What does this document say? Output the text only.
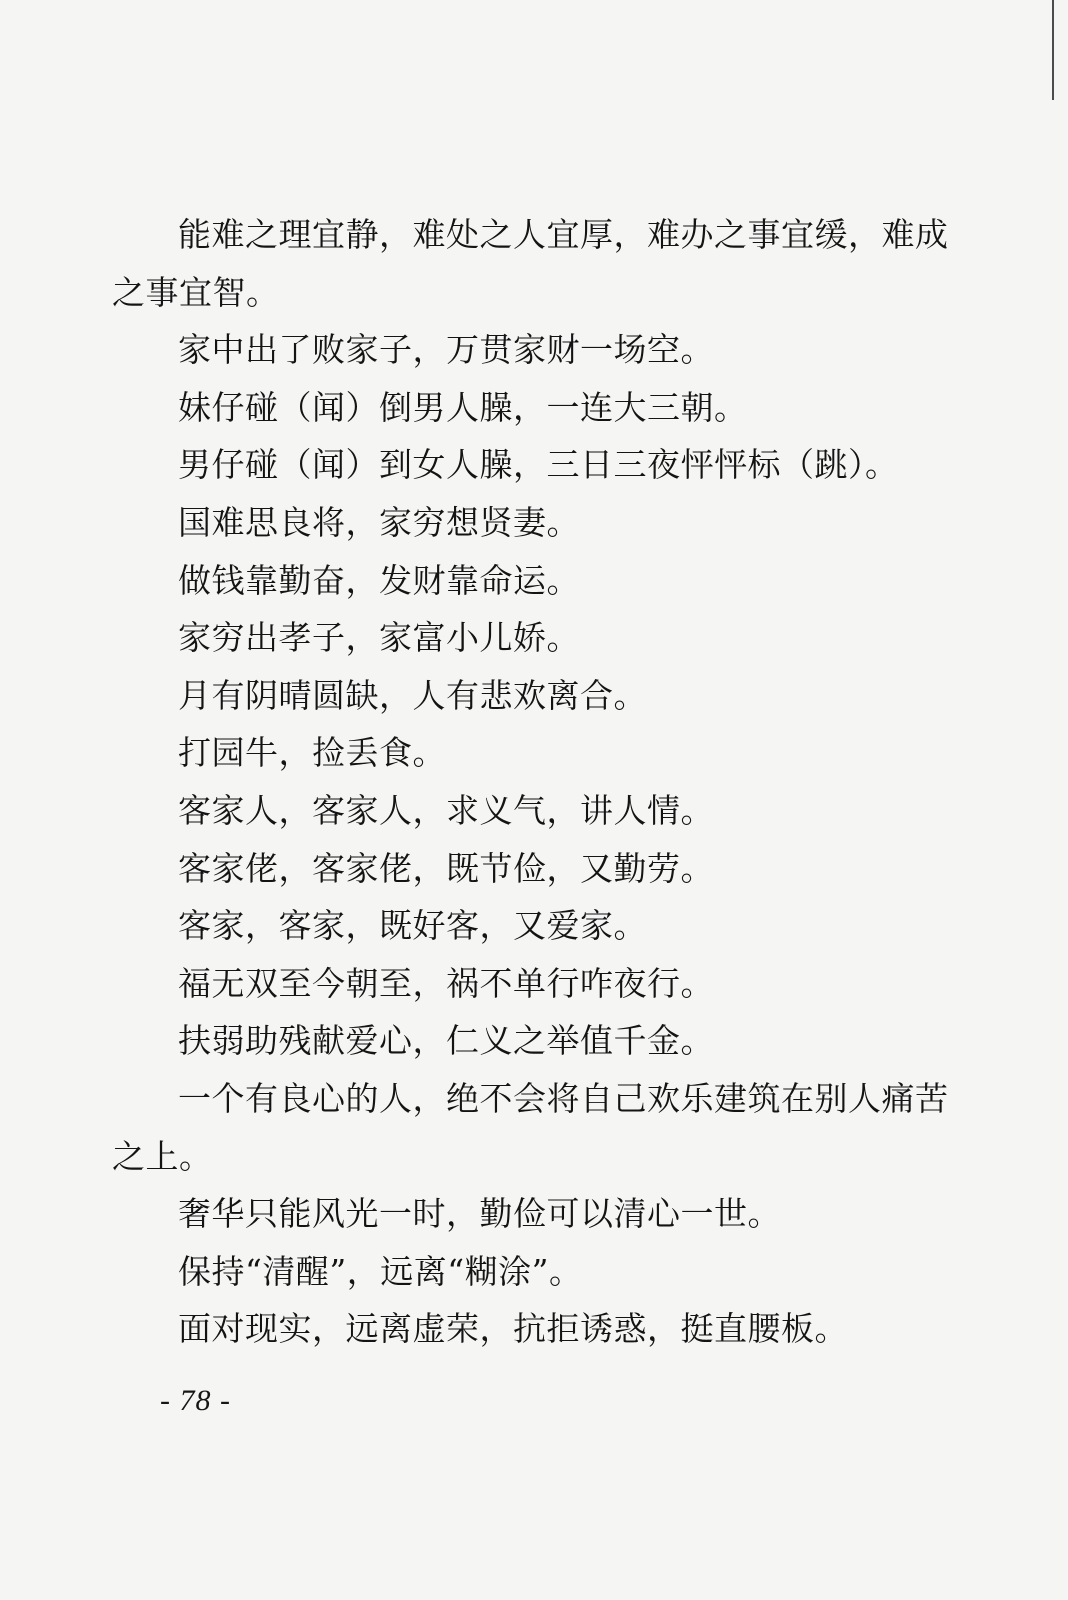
能难之理宜静，难处之人宜厚，难办之事宜缓，难成之事宜智。

家中出了败家子，万贯家财一场空。

妹仔碰（闻）倒男人臊，一连大三朝。

男仔碰（闻）到女人臊，三日三夜怦怦标（跳）。

国难思良将，家穷想贤妻。

做钱靠勤奋，发财靠命运。

家穷出孝子，家富小儿娇。

月有阴晴圆缺，人有悲欢离合。

打园牛，捡丢食。

客家人，客家人，求义气，讲人情。

客家佬，客家佬，既节俭，又勤劳。

客家，客家，既好客，又爱家。

福无双至今朝至，祸不单行咋夜行。

扶弱助残献爱心，仁义之举值千金。

一个有良心的人，绝不会将自己欢乐建筑在别人痛苦之上。

奢华只能风光一时，勤俭可以清心一世。

保持“清醒”，远离“糊涂”。

面对现实，远离虚荣，抗拒诱惑，挺直腰板。

- 78 -
